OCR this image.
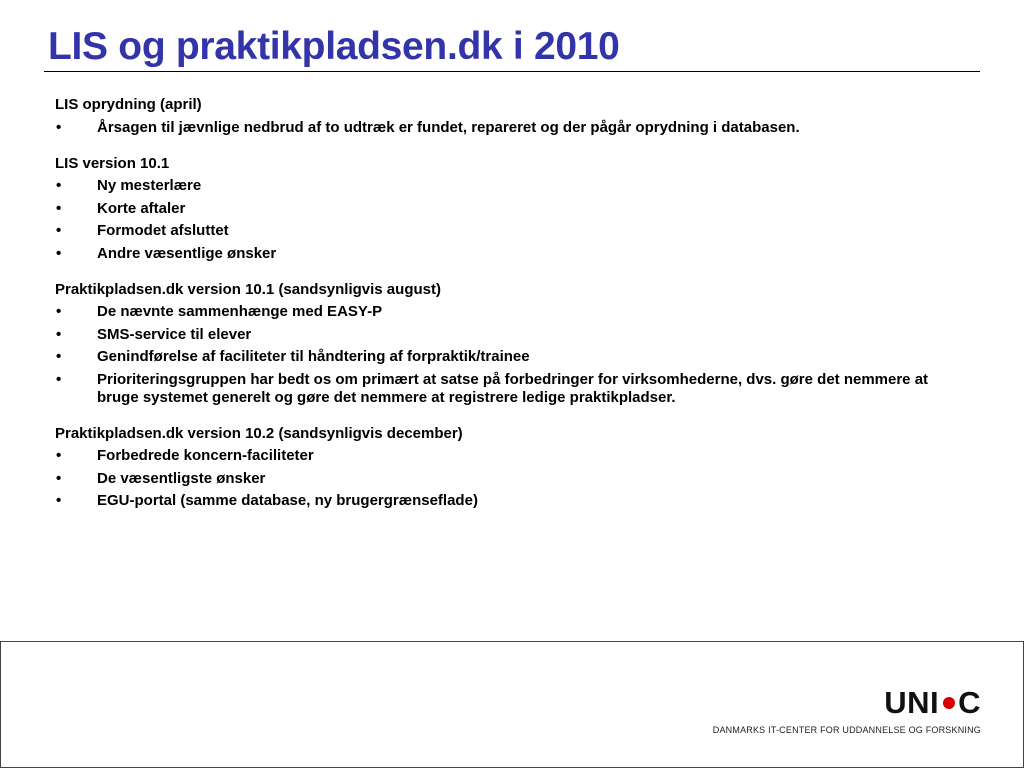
LIS og praktikpladsen.dk i 2010
LIS oprydning (april)
• Årsagen til jævnlige nedbrud af to udtræk er fundet, repareret og der pågår oprydning i databasen.
LIS version 10.1
• Ny mesterlære
• Korte aftaler
• Formodet afsluttet
• Andre væsentlige ønsker
Praktikpladsen.dk version 10.1 (sandsynligvis august)
• De nævnte sammenhænge med EASY-P
• SMS-service til elever
• Genindførelse af faciliteter til håndtering af forpraktik/trainee
• Prioriteringsgruppen har bedt os om primært at satse på forbedringer for virksomhederne, dvs. gøre det nemmere at bruge systemet generelt og gøre det nemmere at registrere ledige praktikpladser.
Praktikpladsen.dk version 10.2 (sandsynligvis december)
• Forbedrede koncern-faciliteter
• De væsentligste ønsker
• EGU-portal (samme database, ny brugergrænseflade)
UNI C
DANMARKS IT-CENTER FOR UDDANNELSE OG FORSKNING
